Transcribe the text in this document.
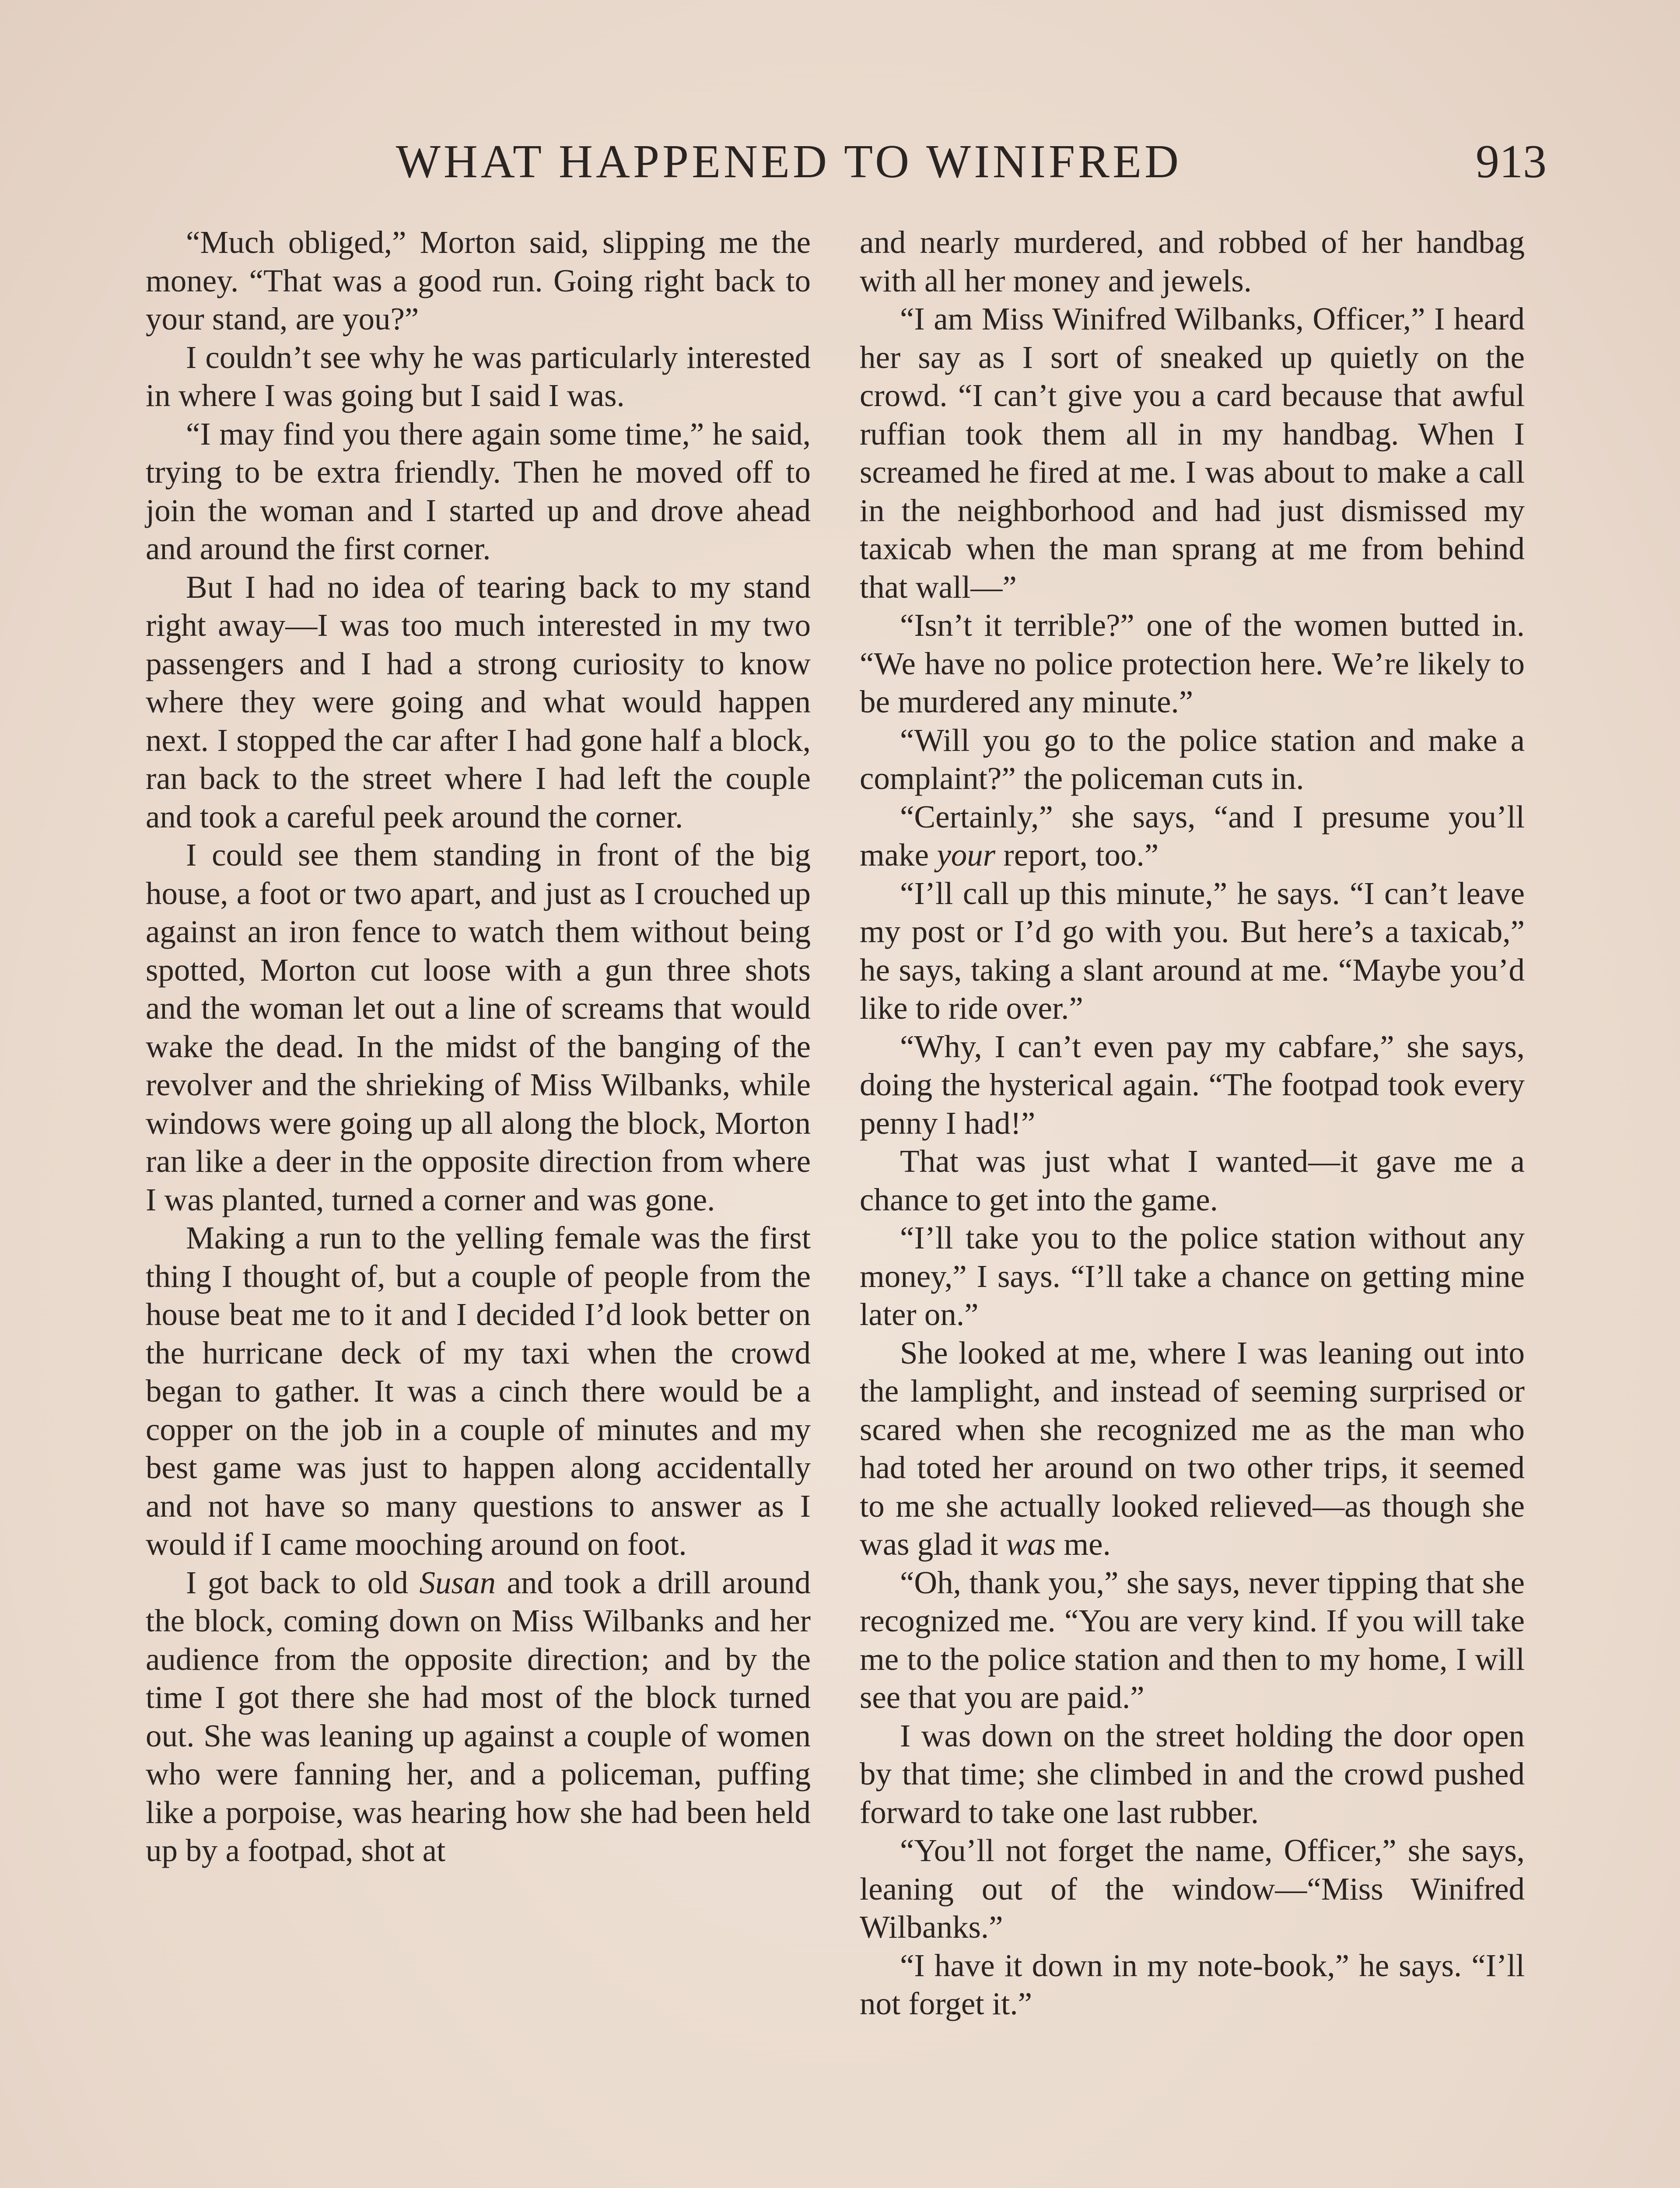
WHAT HAPPENED TO WINIFRED	913

“Much obliged,” Morton said, slipping me the money. “That was a good run. Going right back to your stand, are you?”

I couldn’t see why he was particularly interested in where I was going but I said I was.

“I may find you there again some time,” he said, trying to be extra friendly. Then he moved off to join the woman and I started up and drove ahead and around the first corner.

But I had no idea of tearing back to my stand right away—I was too much interested in my two passengers and I had a strong curiosity to know where they were going and what would happen next. I stopped the car after I had gone half a block, ran back to the street where I had left the couple and took a careful peek around the corner.

I could see them standing in front of the big house, a foot or two apart, and just as I crouched up against an iron fence to watch them without being spotted, Morton cut loose with a gun three shots and the woman let out a line of screams that would wake the dead. In the midst of the banging of the revolver and the shrieking of Miss Wilbanks, while windows were going up all along the block, Morton ran like a deer in the opposite direction from where I was planted, turned a corner and was gone.

Making a run to the yelling female was the first thing I thought of, but a couple of people from the house beat me to it and I decided I’d look better on the hurricane deck of my taxi when the crowd began to gather. It was a cinch there would be a copper on the job in a couple of minutes and my best game was just to happen along accidentally and not have so many questions to answer as I would if I came mooching around on foot.

I got back to old Susan and took a drill around the block, coming down on Miss Wilbanks and her audience from the opposite direction; and by the time I got there she had most of the block turned out. She was leaning up against a couple of women who were fanning her, and a policeman, puffing like a porpoise, was hearing how she had been held up by a footpad, shot at

and nearly murdered, and robbed of her handbag with all her money and jewels.

“I am Miss Winifred Wilbanks, Officer,” I heard her say as I sort of sneaked up quietly on the crowd. “I can’t give you a card because that awful ruffian took them all in my handbag. When I screamed he fired at me. I was about to make a call in the neighborhood and had just dismissed my taxicab when the man sprang at me from behind that wall—”

“Isn’t it terrible?” one of the women butted in. “We have no police protection here. We’re likely to be murdered any minute.”

“Will you go to the police station and make a complaint?” the policeman cuts in.

“Certainly,” she says, “and I presume you’ll make your report, too.”

“I’ll call up this minute,” he says. “I can’t leave my post or I’d go with you. But here’s a taxicab,” he says, taking a slant around at me. “Maybe you’d like to ride over.”

“Why, I can’t even pay my cabfare,” she says, doing the hysterical again. “The footpad took every penny I had!”

That was just what I wanted—it gave me a chance to get into the game.

“I’ll take you to the police station without any money,” I says. “I’ll take a chance on getting mine later on.”

She looked at me, where I was leaning out into the lamplight, and instead of seeming surprised or scared when she recognized me as the man who had toted her around on two other trips, it seemed to me she actually looked relieved—as though she was glad it was me.

“Oh, thank you,” she says, never tipping that she recognized me. “You are very kind. If you will take me to the police station and then to my home, I will see that you are paid.”

I was down on the street holding the door open by that time; she climbed in and the crowd pushed forward to take one last rubber.

“You’ll not forget the name, Officer,” she says, leaning out of the window—“Miss Winifred Wilbanks.”

“I have it down in my note-book,” he says. “I’ll not forget it.”
